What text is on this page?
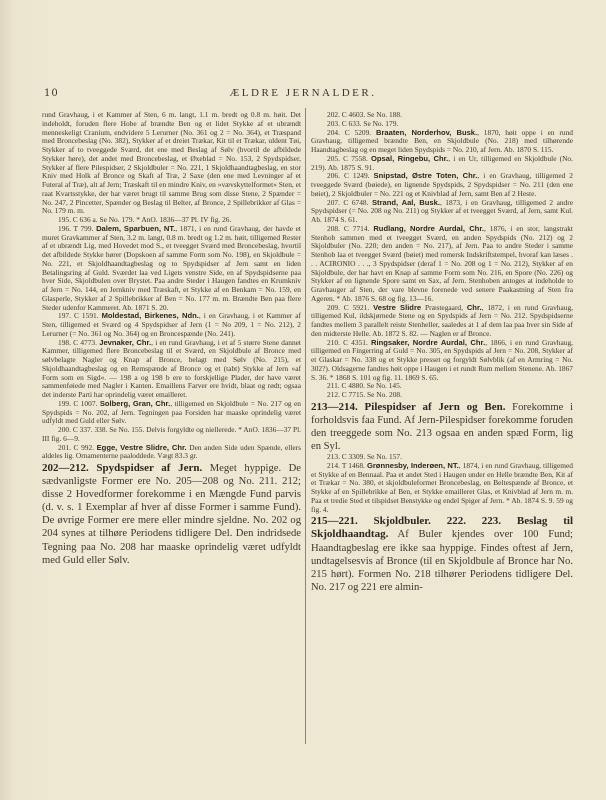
10	ÆLDRE JERNALDER.

rund Gravhaug, i et Kammer af Sten, 6 m. langt, 1.1 m. bredt og 0.8 m. høit. Det indeholdt, foruden flere Hobe af brændte Ben og et lidet Stykke af et ubrændt menneskeligt Cranium, endvidere 5 Lerurner (No. 361 og 2 = No. 364), et Træspand med Broncebeslag (No. 382), Stykker af et dreiet Trækar, Kit til et Trækar, uldent Tøi, Stykker af to tveeggede Sværd, det ene med Beslag af Sølv (hvortil de afbildede Stykker høre), det andet med Broncebeslag, et Øxeblad = No. 153, 2 Spydspidser, Stykker af flere Pilespidser, 2 Skjoldbuler = No. 221, 1 Skjoldhaandtagbeslag, en stor Kniv med Holk af Bronce og Skaft af Træ, 2 Saxe (den ene med Levninger af et Futeral af Træ), alt af Jern; Træskaft til en mindre Kniv, en »vævskyttelformet« Sten, et raat Kvartsstykke, der har været brugt til samme Brug som disse Stene, 2 Spænder = No. 247, 2 Pincetter, Spænder og Beslag til Belter, af Bronce, 2 Spillebrikker af Glas = No. 179 m. m.

195. C 636 a. Se No. 179. * AnO. 1836—37 Pl. IV fig. 26.

196. T 799. Dalem, Sparbuen, NT., 1871, i en rund Gravhaug, der havde et muret Gravkammer af Sten, 3.2 m. langt, 0.8 m. bredt og 1.2 m. høit, tilligemed Rester af et ubrændt Lig, med Hovedet mod S., et tveegget Sværd med Broncebeslag, hvortil det afbildede Stykke hører (Dopskoen af samme Form som No. 198), en Skjoldbule = No. 221, et Skjoldhaandtagbeslag og to Spydspidser af Jern samt en liden Betalingsring af Guld. Sværdet laa ved Ligets venstre Side, en af Spydspidserne paa hver Side, Skjoldbulen over Brystet. Paa andre Steder i Haugen fandtes en Krumkniv af Jern = No. 144, en Jernkniv med Træskaft, et Stykke af en Benkam = No. 159, en Glasperle, Stykker af 2 Spillebrikker af Ben = No. 177 m. m. Brændte Ben paa flere Steder udenfor Kammeret. Ab. 1871 S. 20.

197. C 1591. Moldestad, Birkenes, Ndn., i en Gravhaug, i et Kammer af Sten, tilligemed et Sværd og 4 Spydspidser af Jern (1 = No 209, 1 = No. 212), 2 Lerurner (= No. 361 og No. 364) og en Broncespænde (No. 241).

198. C 4773. Jevnaker, Chr., i en rund Gravhaug, i et af 5 større Stene dannet Kammer, tilligemed flere Broncebeslag til et Sværd, en Skjoldbule af Bronce med sølvbelagte Nagler og Knap af Bronce, belagt med Sølv (No. 215), et Skjoldhaandtagbeslag og en Remspænde af Bronce og et (tabt) Stykke af Jern »af Form som en Sigd«. — 198 a og 198 b ere to forskjellige Plader, der have været sammenføiede med Nagler i Kanten. Emaillens Farver ere hvidt, blaat og rødt; ogsaa det inderste Parti har oprindelig været emailleret.

199. C 1007. Solberg, Gran, Chr., tilligemed en Skjoldbule = No. 217 og en Spydspids = No. 202, af Jern. Tegningen paa Forsiden har maaske oprindelig været udfyldt med Guld eller Sølv.

200. C 337. 338. Se No. 155. Delvis forgyldte og niellerede. * AnO. 1836—37 Pl. III fig. 6—9.

201. C 992. Egge, Vestre Slidre, Chr. Den anden Side uden Spænde, ellers aldeles lig. Ornamenterne paaloddede. Vægt 83.3 gr.

202—212. Spydspidser af Jern. Meget hyppige. De sædvanligste Former ere No. 205—208 og No. 211. 212; disse 2 Hovedformer forekomme i en Mængde Fund parvis (d. v. s. 1 Exemplar af hver af disse Former i samme Fund). De øvrige Former ere mere eller mindre sjeldne. No. 202 og 204 synes at tilhøre Periodens tidligere Del. Den indridsede Tegning paa No. 208 har maaske oprindelig været udfyldt med Guld eller Sølv.

202. C 4603. Se No. 188.

203. C 633. Se No. 179.

204. C 5209. Braaten, Norderhov, Busk., 1870, høit oppe i en rund Gravhaug, tilligemed brændte Ben, en Skjoldbule (No. 218) med tilhørende Haandtagbeslag og en meget liden Spydspids = No. 210, af Jern. Ab. 1870 S. 115.

205. C 7558. Opsal, Ringebu, Chr., i en Ur, tilligemed en Skjoldbule (No. 219). Ab. 1875 S. 91.

206. C 1249. Snipstad, Østre Toten, Chr., i en Gravhaug, tilligemed 2 tveeggede Sværd (bøiede), en lignende Spydspids, 2 Spydspidser = No. 211 (den ene bøiet), 2 Skjoldbuler = No. 221 og et Knivblad af Jern, samt Ben af 2 Heste.

207. C 6748. Strand, Aal, Busk., 1873, i en Gravhaug, tilligemed 2 andre Spydspidser (= No. 208 og No. 211) og Stykker af et tveegget Sværd, af Jern, samt Kul. Ab. 1874 S. 61.

208. C 7714. Rudlang, Nordre Aurdal, Chr., 1876, i en stor, langstrakt Stenhob sammen med et tveegget Sværd, en anden Spydspids (No. 212) og 2 Skjoldbuler (No. 220; den anden = No. 217), af Jern. Paa to andre Steder i samme Stenhob laa et tveegget Sværd (bøiet) med romersk Indskriftstempel, hvoraf kan læses . . . ACIRONIO . . ., 3 Spydspidser (deraf 1 = No. 208 og 1 = No. 212), Stykker af en Skjoldbule, der har havt en Knap af samme Form som No. 216, en Spore (No. 226) og Stykker af en lignende Spore samt en Sax, af Jern. Stenhoben antoges at indeholde to Gravhauger af Sten, der vare blevne forenede ved senere Paakastning af Sten fra Ageren. * Ab. 1876 S. 68 og fig. 13—16.

209. C 5921. Vestre Slidre Præstegaard, Chr., 1872, i en rund Gravhaug, tilligemed Kul, ildskjørnede Stene og en Spydspids af Jern = No. 212. Spydspidserne fandtes mellem 3 parallelt reiste Stenheller, saaledes at 1 af dem laa paa hver sin Side af den midterste Helle. Ab. 1872 S. 82. — Naglen er af Bronce.

210. C 4351. Ringsaker, Nordre Aurdal, Chr., 1866, i en rund Gravhaug, tilligemed en Fingerring af Guld = No. 305, en Spydspids af Jern = No. 208, Stykker af et Glaskar = No. 338 og et Stykke presset og forgyldt Sølvblik (af en Armring = No. 302?). Oldsagerne fandtes høit oppe i Haugen i et rundt Rum mellem Stenene. Ab. 1867 S. 36. * 1868 S. 101 og fig. 11. 1869 S. 65.

211. C 4880. Se No. 145.

212. C 7715. Se No. 208.

213—214. Pilespidser af Jern og Ben. Forekomme i forholdsvis faa Fund. Af Jern-Pilespidser forekomme foruden den treeggede som No. 213 ogsaa en anden spæd Form, lig en Syl.

213. C 3309. Se No. 157.

214. T 1468. Grønnesby, Inderøen, NT., 1874, i en rund Gravhaug, tilligemed et Stykke af en Bennaal. Paa et andet Sted i Haugen under en Helle brændte Ben, Kit af et Trækar = No. 380, et skjoldbuleformet Broncebeslag, en Beltespænde af Bronce, et Stykke af en Spillebrikke af Ben, et Stykke emailleret Glas, et Knivblad af Jern m. m. Paa et tredie Sted et tilspidset Benstykke og endel Spiger af Jern. * Ab. 1874 S. 9. 59 og fig. 4.

215—221. Skjoldbuler. 222. 223. Beslag til Skjoldhaandtag. Af Buler kjendes over 100 Fund; Haandtagbeslag ere ikke saa hyppige. Findes oftest af Jern, undtagelsesvis af Bronce (til en Skjoldbule af Bronce har No. 215 hørt). Formen No. 218 tilhører Periodens tidligere Del. No. 217 og 221 ere almin-
